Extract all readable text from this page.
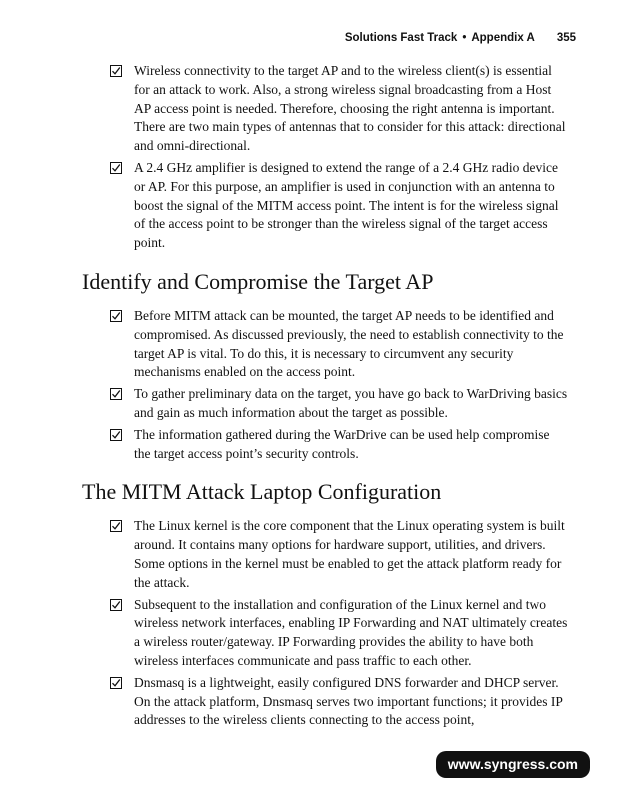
Solutions Fast Track • Appendix A 355
Wireless connectivity to the target AP and to the wireless client(s) is essential for an attack to work. Also, a strong wireless signal broadcasting from a Host AP access point is needed. Therefore, choosing the right antenna is important. There are two main types of antennas that to consider for this attack: directional and omni-directional.
A 2.4 GHz amplifier is designed to extend the range of a 2.4 GHz radio device or AP. For this purpose, an amplifier is used in conjunction with an antenna to boost the signal of the MITM access point. The intent is for the wireless signal of the access point to be stronger than the wireless signal of the target access point.
Identify and Compromise the Target AP
Before MITM attack can be mounted, the target AP needs to be identified and compromised. As discussed previously, the need to establish connectivity to the target AP is vital. To do this, it is necessary to circumvent any security mechanisms enabled on the access point.
To gather preliminary data on the target, you have go back to WarDriving basics and gain as much information about the target as possible.
The information gathered during the WarDrive can be used help compromise the target access point’s security controls.
The MITM Attack Laptop Configuration
The Linux kernel is the core component that the Linux operating system is built around. It contains many options for hardware support, utilities, and drivers. Some options in the kernel must be enabled to get the attack platform ready for the attack.
Subsequent to the installation and configuration of the Linux kernel and two wireless network interfaces, enabling IP Forwarding and NAT ultimately creates a wireless router/gateway. IP Forwarding provides the ability to have both wireless interfaces communicate and pass traffic to each other.
Dnsmasq is a lightweight, easily configured DNS forwarder and DHCP server. On the attack platform, Dnsmasq serves two important functions; it provides IP addresses to the wireless clients connecting to the access point,
www.syngress.com
